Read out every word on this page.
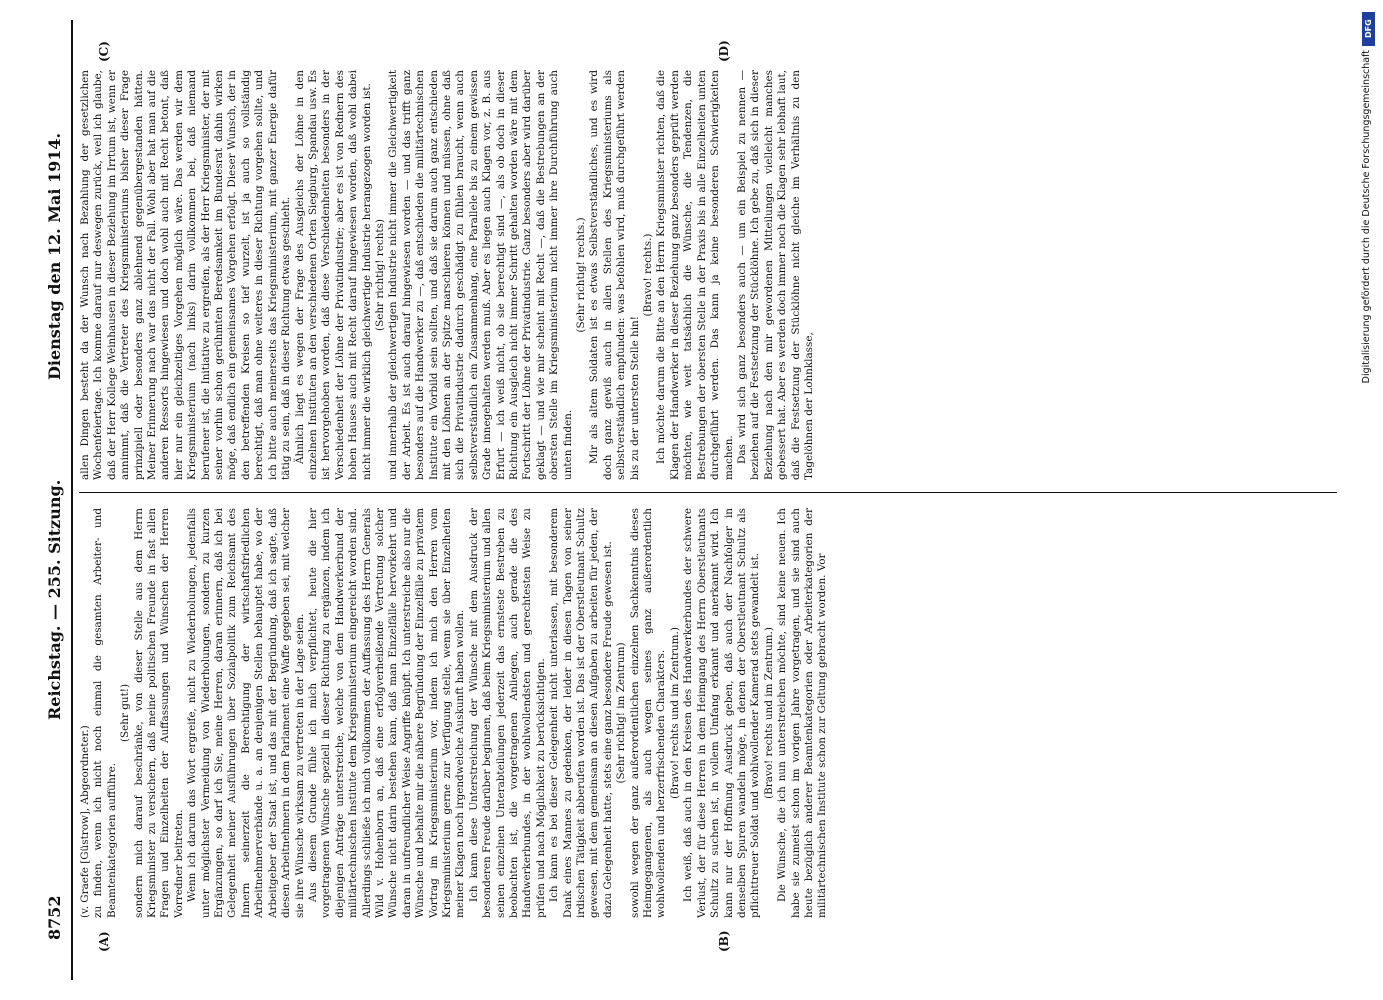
8752
Reichstag. — 255. Sitzung.
Dienstag den 12. Mai 1914.
(A)	(B)
(C)	(D)

(v. Graefe [Güstrow], Abgeordneter.) zu finden, wenn ich nicht noch einmal die gesamten Arbeiter- und Beamtenkategorien aufführe.

(Sehr gut!) sondern mich darauf beschränke, von dieser Stelle aus dem Herrn Kriegsminister zu versichern, daß meine politischen Freunde in fast allen Fragen und Einzelheiten der Auffassungen und Wünschen der Herren Vorredner beitreten. Wenn ich darum das Wort ergreife, nicht zu Wiederholungen, jedenfalls unter möglichster Vermeidung von Wiederholungen, sondern zu kurzen Ergänzungen, so darf ich Sie, meine Herren, daran erinnern, daß ich bei Gelegenheit meiner Ausführungen über Sozialpolitik zum Reichsamt des Innern seinerzeit die Berechtigung der wirtschaftsfriedlichen Arbeitnehmerverbände u. a. an denjenigen Stellen behauptet habe, wo der Arbeitgeber der Staat ist, und das mit der Begründung, daß ich sagte, daß diesen Arbeitnehmern in dem Parlament eine Waffe gegeben sei, mit welcher sie ihre Wünsche wirksam zu vertreten in der Lage seien. Aus diesem Grunde fühle ich mich verpflichtet, heute die hier vorgetragenen Wünsche speziell in dieser Richtung zu ergänzen, indem ich diejenigen Anträge unterstreiche, welche von dem Handwerkerbund der militärtechnischen Institute dem Kriegsministerium eingereicht worden sind. Allerdings schließe ich mich vollkommen der Auffassung des Herrn Generals Wild v. Hohenborn an, daß eine erfolgverheißende Vertretung solcher Wünsche nicht darin bestehen kann, daß man Einzelfälle hervorkehrt und daran in unfreundlicher Weise Angriffe knüpft. Ich unterstreiche also nur die Wünsche und behalte mir die nähere Begründung der Einzelfälle zu privatem Vortrag im Kriegsministerium vor, indem ich mich den Herren vom Kriegsministerium gerne zur Verfügung stelle, wenn sie über Einzelheiten meiner Klagen noch irgendwelche Auskunft haben wollen. Ich kann diese Unterstreichung der Wünsche mit dem Ausdruck der besonderen Freude darüber beginnen, daß beim Kriegsministerium und allen seinen einzelnen Unterabteilungen jederzeit das ernsteste Bestreben zu beobachten ist, die vorgetragenen Anliegen, auch gerade die des Handwerkerbundes, in der wohlwollendsten und gerechtesten Weise zu prüfen und nach Möglichkeit zu berücksichtigen. Ich kann es bei dieser Gelegenheit nicht unterlassen, mit besonderem Dank eines Mannes zu gedenken, der leider in diesen Tagen von seiner irdischen Tätigkeit abberufen worden ist. Das ist der Oberstleutnant Schultz gewesen, mit dem gemeinsam an diesen Aufgaben zu arbeiten für jeden, der dazu Gelegenheit hatte, stets eine ganz besondere Freude gewesen ist. (Sehr richtig! im Zentrum) sowohl wegen der ganz außerordentlichen einzelnen Sachkenntnis dieses Heimgegangenen, als auch wegen seines ganz außerordentlich wohlwollenden und herzerfrischenden Charakters. (Bravo! rechts und im Zentrum.) Ich weiß, daß auch in den Kreisen des Handwerkerbundes der schwere Verlust, der für diese Herren in dem Heimgang des Herrn Oberstleutnants Schultz zu suchen ist, in vollem Umfang erkannt und anerkannt wird. Ich kann nur der Hoffnung Ausdruck geben, daß auch der Nachfolger in denselben Spuren wandeln möge, in denen der Oberstleutnant Schultz als pflichttreuer Soldat und wohlwollender Kamerad stets gewandelt ist. (Bravo! rechts und im Zentrum.) Die Wünsche, die ich nun unterstreichen möchte, sind keine neuen. Ich habe sie zumeist schon im vorigen Jahre vorgetragen, und sie sind auch heute bezüglich anderer Beamtenkategorien oder Arbeiterkategorien der militärtechnischen Institute schon zur Geltung gebracht worden. Vor

allen Dingen besteht da der Wunsch nach Bezahlung der gesetzlichen Wochenfeiertage. Ich komme darauf nur deswegen zurück, weil ich glaube, daß der Herr Kollege Weinhausen in dieser Beziehung im Irrtum ist, wenn er annimmt, daß die Vertreter des Kriegsministeriums bisher dieser Frage prinzipiell oder besonders ganz ablehnend gegenübergestanden hätten. Meiner Erinnerung nach war das nicht der Fall. Wohl aber hat man auf die anderen Ressorts hingewiesen und doch wohl auch mit Recht betont, daß hier nur ein gleichzeitiges Vorgehen möglich wäre. Das werden wir dem Kriegsministerium (nach links) darin vollkommen bei, daß niemand berufener ist, die Initiative zu ergreifen, als der Herr Kriegsminister, der mit seiner vorhin schon gerühmten Beredsamkeit im Bundesrat dahin wirken möge, daß endlich ein gemeinsames Vorgehen erfolgt. Dieser Wunsch, der in den betreffenden Kreisen so tief wurzelt, ist ja auch so vollständig berechtigt, daß man ohne weiteres in dieser Richtung vorgehen sollte, und ich bitte auch meinerseits das Kriegsministerium, mit ganzer Energie dafür tätig zu sein, daß in dieser Richtung etwas geschieht. Ähnlich liegt es wegen der Frage des Ausgleichs der Löhne in den einzelnen Instituten an den verschiedenen Orten Siegburg, Spandau usw. Es ist hervorgehoben worden, daß diese Verschiedenheiten besonders in der Verschiedenheit der Löhne der Privatindustrie; aber es ist von Rednern des hohen Hauses auch mit Recht darauf hingewiesen worden, daß wohl dabei nicht immer die wirklich gleichwertige Industrie herangezogen worden ist. (Sehr richtig! rechts) und innerhalb der gleichwertigen Industrie nicht immer die Gleichwertigkeit der Arbeit. Es ist auch darauf hingewiesen worden — und das trifft ganz besonders auf die Handwerker zu —, daß entschieden die militärtechnischen Institute ein Vorbild sein sollten, und daß sie darum auch ganz entschieden mit den Löhnen an der Spitze marschieren können und müssen, ohne daß sich die Privatindustrie dadurch geschädigt zu fühlen braucht, wenn auch selbstverständlich ein Zusammenhang, eine Parallele bis zu einem gewissen Grade innegehalten werden muß. Aber es liegen auch Klagen vor, z. B. aus Erfurt — ich weiß nicht, ob sie berechtigt sind —, als ob doch in dieser Richtung ein Ausgleich nicht immer Schritt gehalten worden wäre mit dem Fortschritt der Löhne der Privatindustrie. Ganz besonders aber wird darüber geklagt — und wie mir scheint mit Recht —, daß die Bestrebungen an der obersten Stelle im Kriegsministerium nicht immer ihre Durchführung auch unten finden.

(Sehr richtig! rechts.) Mir als altem Soldaten ist es etwas Selbstverständliches, und es wird doch ganz gewiß auch in allen Stellen des Kriegsministeriums als selbstverständlich empfunden: was befohlen wird, muß durchgeführt werden bis zu der untersten Stelle hin!

(Bravo! rechts.) Ich möchte darum die Bitte an den Herrn Kriegsminister richten, daß die Klagen der Handwerker in dieser Beziehung ganz besonders geprüft werden möchten, wie weit tatsächlich die Wünsche, die Tendenzen, die Bestrebungen der obersten Stelle in der Praxis bis in alle Einzelheiten unten durchgeführt werden. Das kann ja keine besonderen Schwierigkeiten machen. Das wird sich ganz besonders auch — um ein Beispiel zu nennen — beziehen auf die Festsetzung der Stücklöhne. Ich gebe zu, daß sich in dieser Beziehung nach den mir gewordenen Mitteilungen vielleicht manches gebessert hat. Aber es werden doch immer noch die Klagen sehr lebhaft laut, daß die Festsetzung der Stücklöhne nicht gleiche im Verhältnis zu den Tagelöhnen der Lohnklasse,

DFG
Digitalisierung gefördert durch die Deutsche Forschungsgemeinschaft
